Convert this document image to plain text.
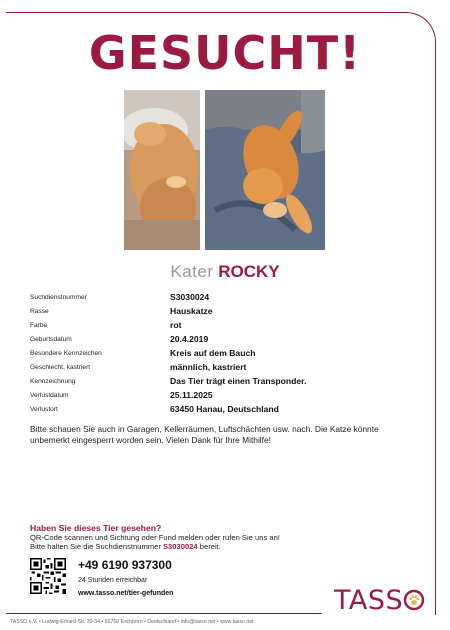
GESUCHT!
Kater ROCKY
Suchdienstnummer	S3030024
Rasse	Hauskatze
Farbe	rot
Geburtsdatum	20.4.2019
Besondere Kennzeichen	Kreis auf dem Bauch
Geschlecht, kastriert	männlich, kastriert
Kennzeichnung	Das Tier trägt einen Transponder.
Verlustdatum	25.11.2025
Verlustort	63450 Hanau, Deutschland
Bitte schauen Sie auch in Garagen, Kellerräumen, Luftschächten usw. nach. Die Katze könnte unbemerkt eingesperrt worden sein. Vielen Dank für Ihre Mithilfe!
Haben Sie dieses Tier gesehen?
QR-Code scannen und Sichtung oder Fund melden oder rufen Sie uns an!
Bitte halten Sie die Suchdienstnummer S3030024 bereit.
+49 6190 937300
24 Stunden erreichbar
www.tasso.net/tier-gefunden	TASS
TASSO e.V. • Ludwig-Erhard-Str. 30-34 • 65760 Eschborn • Deutschland • info@tasso.net • www.tasso.net
